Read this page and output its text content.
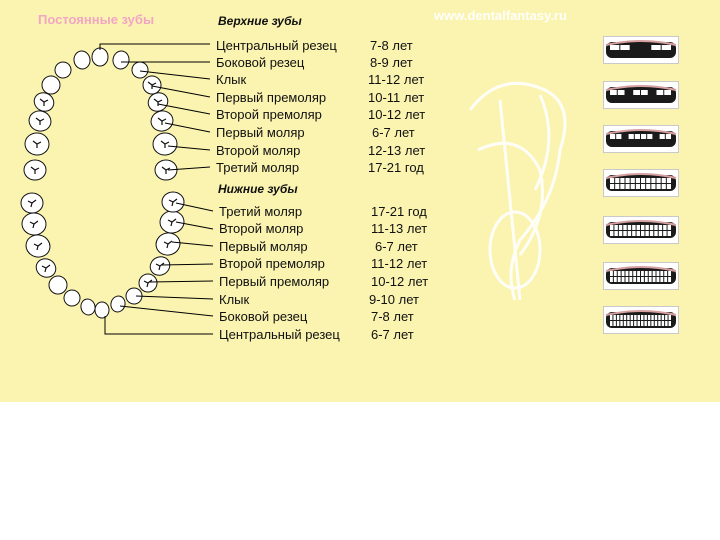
Постоянные зубы	www.dentalfantasy.ru
Верхние зубы
Нижние зубы
Центральный резец	7-8 лет
Боковой резец	8-9 лет
Клык	11-12 лет
Первый премоляр	10-11 лет
Второй премоляр	10-12 лет
Первый моляр	6-7 лет
Второй моляр	12-13 лет
Третий моляр	17-21 год
Третий моляр	17-21 год
Второй моляр	11-13 лет
Первый моляр	6-7 лет
Второй премоляр	11-12 лет
Первый премоляр	10-12 лет
Клык	9-10 лет
Боковой резец	7-8 лет
Центральный резец 6-7 лет
